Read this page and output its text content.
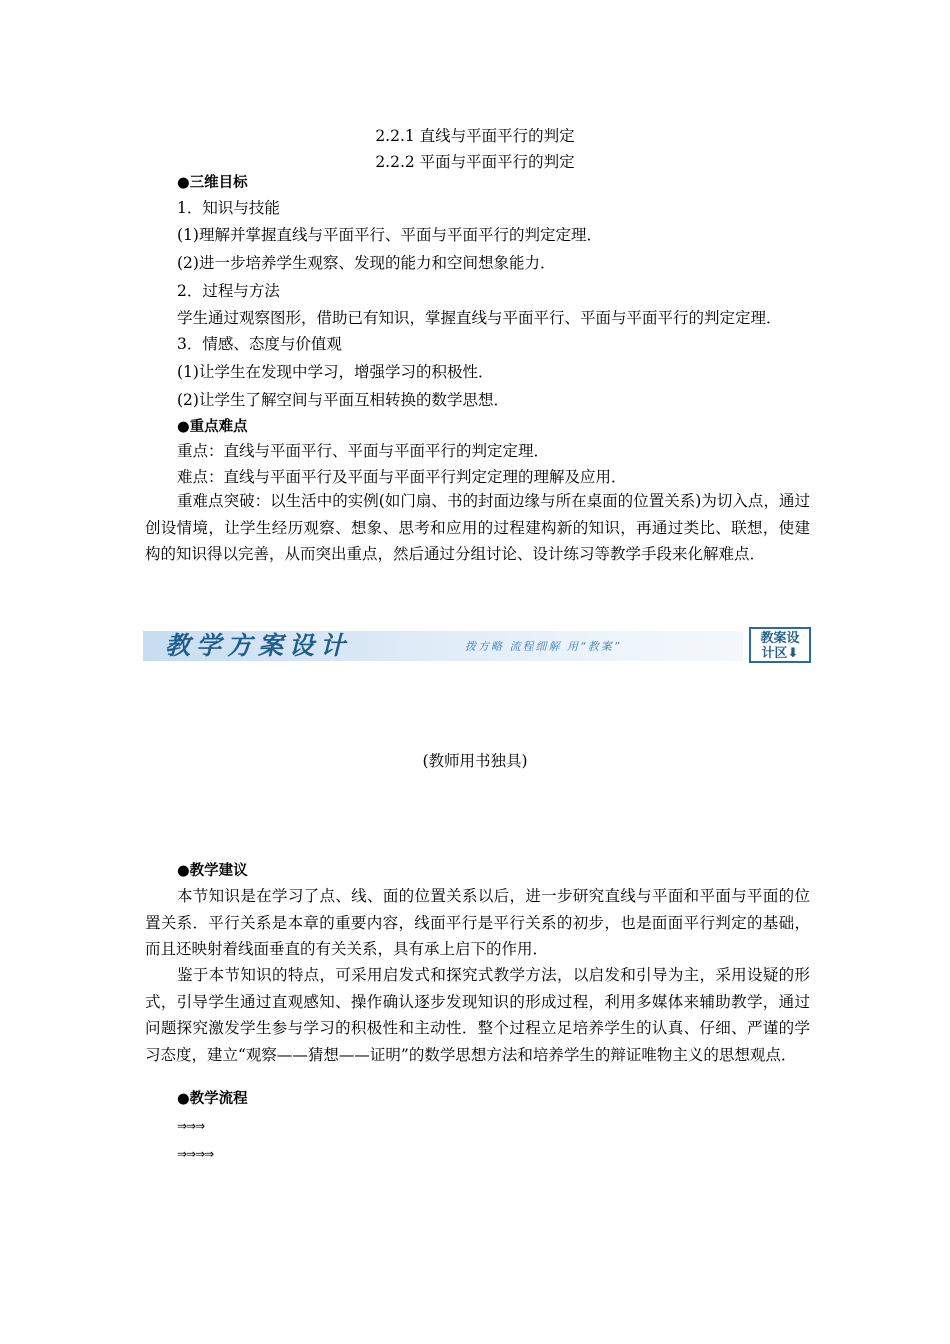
2.2.1 直线与平面平行的判定
2.2.2 平面与平面平行的判定
●三维目标
1．知识与技能
(1)理解并掌握直线与平面平行、平面与平面平行的判定定理．
(2)进一步培养学生观察、发现的能力和空间想象能力．
2．过程与方法
学生通过观察图形，借助已有知识，掌握直线与平面平行、平面与平面平行的判定定理．
3．情感、态度与价值观
(1)让学生在发现中学习，增强学习的积极性．
(2)让学生了解空间与平面互相转换的数学思想．
●重点难点
重点：直线与平面平行、平面与平面平行的判定定理．
难点：直线与平面平行及平面与平面平行判定定理的理解及应用．
重难点突破：以生活中的实例(如门扇、书的封面边缘与所在桌面的位置关系)为切入点，通过创设情境，让学生经历观察、想象、思考和应用的过程建构新的知识，再通过类比、联想，使建构的知识得以完善，从而突出重点，然后通过分组讨论、设计练习等教学手段来化解难点．
教学方案设计	拨方略 流程细解 用“教案”
教案设
计区⬇
(教师用书独具)
●教学建议
本节知识是在学习了点、线、面的位置关系以后，进一步研究直线与平面和平面与平面的位置关系．平行关系是本章的重要内容，线面平行是平行关系的初步，也是面面平行判定的基础，而且还映射着线面垂直的有关关系，具有承上启下的作用．
鉴于本节知识的特点，可采用启发式和探究式教学方法，以启发和引导为主，采用设疑的形式，引导学生通过直观感知、操作确认逐步发现知识的形成过程，利用多媒体来辅助教学，通过问题探究激发学生参与学习的积极性和主动性．整个过程立足培养学生的认真、仔细、严谨的学习态度，建立“观察——猜想——证明”的数学思想方法和培养学生的辩证唯物主义的思想观点．
●教学流程
⇒⇒⇒
⇒⇒⇒⇒
